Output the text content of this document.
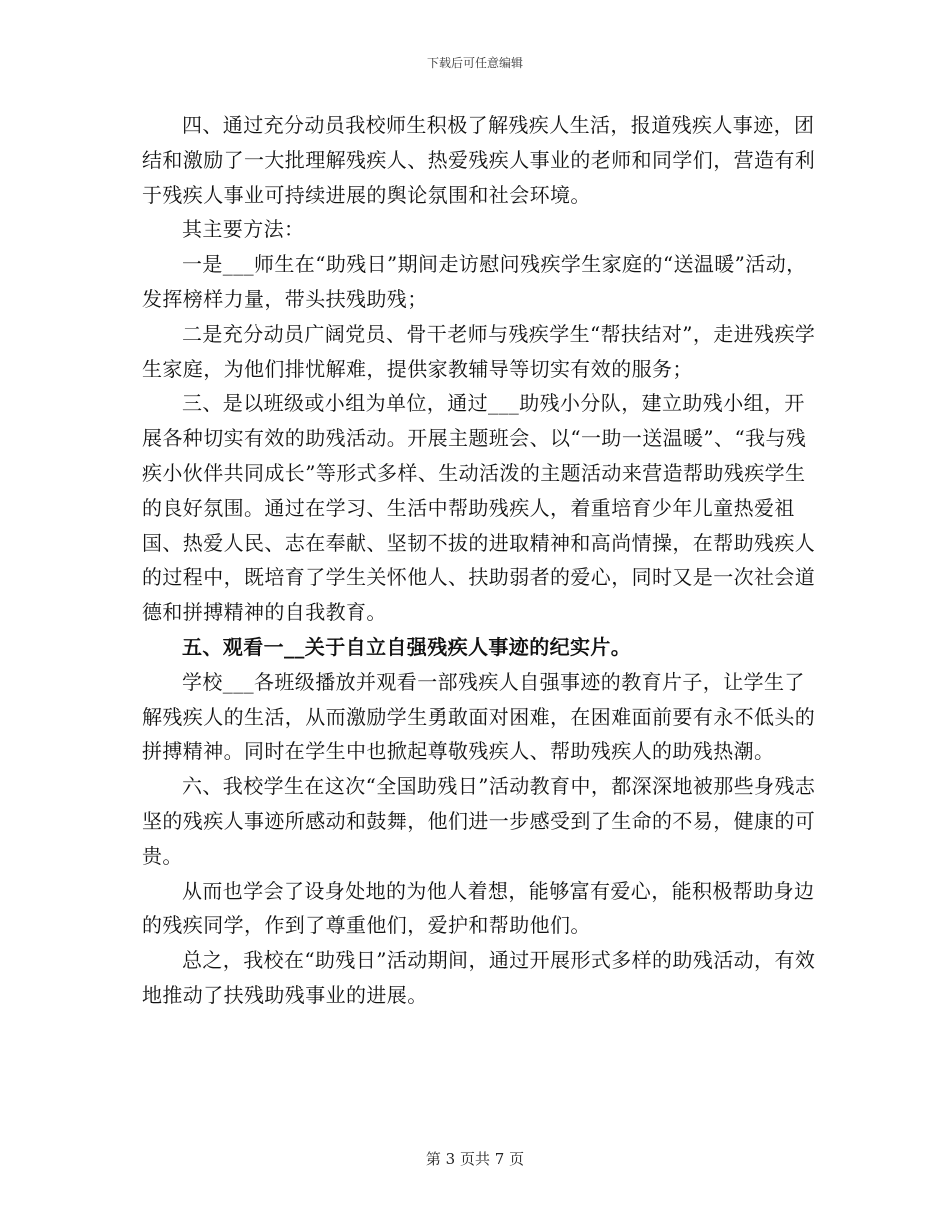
下载后可任意编辑

四、通过充分动员我校师生积极了解残疾人生活，报道残疾人事迹，团结和激励了一大批理解残疾人、热爱残疾人事业的老师和同学们，营造有利于残疾人事业可持续进展的舆论氛围和社会环境。

其主要方法：

一是___师生在“助残日”期间走访慰问残疾学生家庭的“送温暖”活动，发挥榜样力量，带头扶残助残；

二是充分动员广阔党员、骨干老师与残疾学生“帮扶结对”，走进残疾学生家庭，为他们排忧解难，提供家教辅导等切实有效的服务；

三、是以班级或小组为单位，通过___助残小分队，建立助残小组，开展各种切实有效的助残活动。开展主题班会、以“一助一送温暖”、“我与残疾小伙伴共同成长”等形式多样、生动活泼的主题活动来营造帮助残疾学生的良好氛围。通过在学习、生活中帮助残疾人，着重培育少年儿童热爱祖国、热爱人民、志在奉献、坚韧不拔的进取精神和高尚情操，在帮助残疾人的过程中，既培育了学生关怀他人、扶助弱者的爱心，同时又是一次社会道德和拼搏精神的自我教育。

五、观看一__关于自立自强残疾人事迹的纪实片。

学校___各班级播放并观看一部残疾人自强事迹的教育片子，让学生了解残疾人的生活，从而激励学生勇敢面对困难，在困难面前要有永不低头的拼搏精神。同时在学生中也掀起尊敬残疾人、帮助残疾人的助残热潮。

六、我校学生在这次“全国助残日”活动教育中，都深深地被那些身残志坚的残疾人事迹所感动和鼓舞，他们进一步感受到了生命的不易，健康的可贵。

从而也学会了设身处地的为他人着想，能够富有爱心，能积极帮助身边的残疾同学，作到了尊重他们，爱护和帮助他们。

总之，我校在“助残日”活动期间，通过开展形式多样的助残活动，有效地推动了扶残助残事业的进展。

第 3 页共 7 页
